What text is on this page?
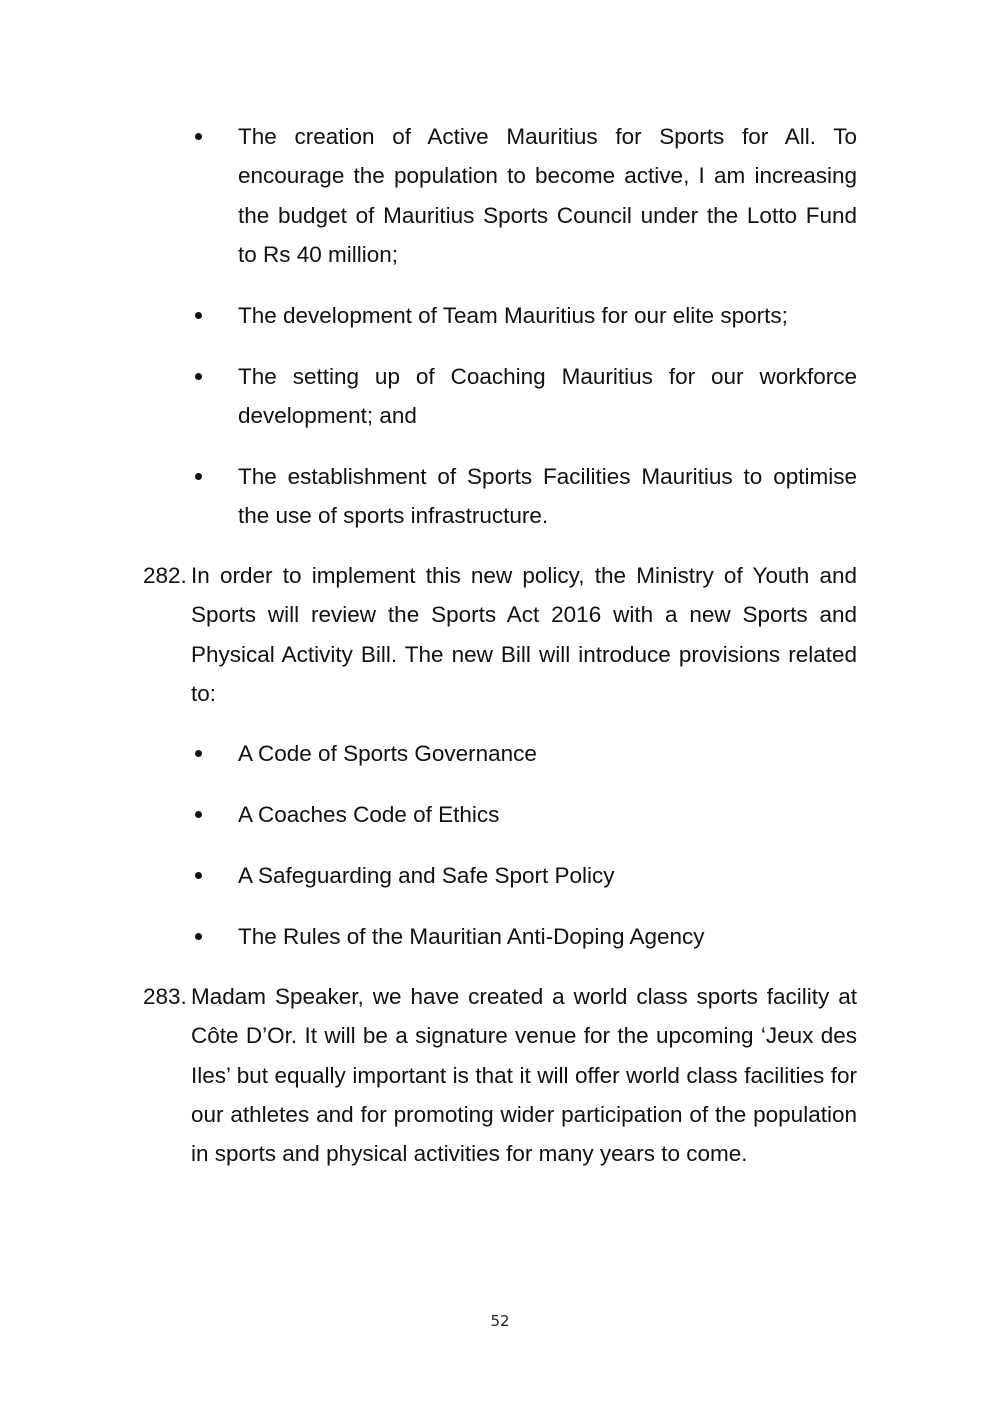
The creation of Active Mauritius for Sports for All. To encourage the population to become active, I am increasing the budget of Mauritius Sports Council under the Lotto Fund to Rs 40 million;

The development of Team Mauritius for our elite sports;

The setting up of Coaching Mauritius for our workforce development; and

The establishment of Sports Facilities Mauritius to optimise the use of sports infrastructure.

282. In order to implement this new policy, the Ministry of Youth and Sports will review the Sports Act 2016 with a new Sports and Physical Activity Bill. The new Bill will introduce provisions related to:

A Code of Sports Governance

A Coaches Code of Ethics

A Safeguarding and Safe Sport Policy

The Rules of the Mauritian Anti-Doping Agency

283. Madam Speaker, we have created a world class sports facility at Côte D’Or. It will be a signature venue for the upcoming ‘Jeux des Iles’ but equally important is that it will offer world class facilities for our athletes and for promoting wider participation of the population in sports and physical activities for many years to come.

52
